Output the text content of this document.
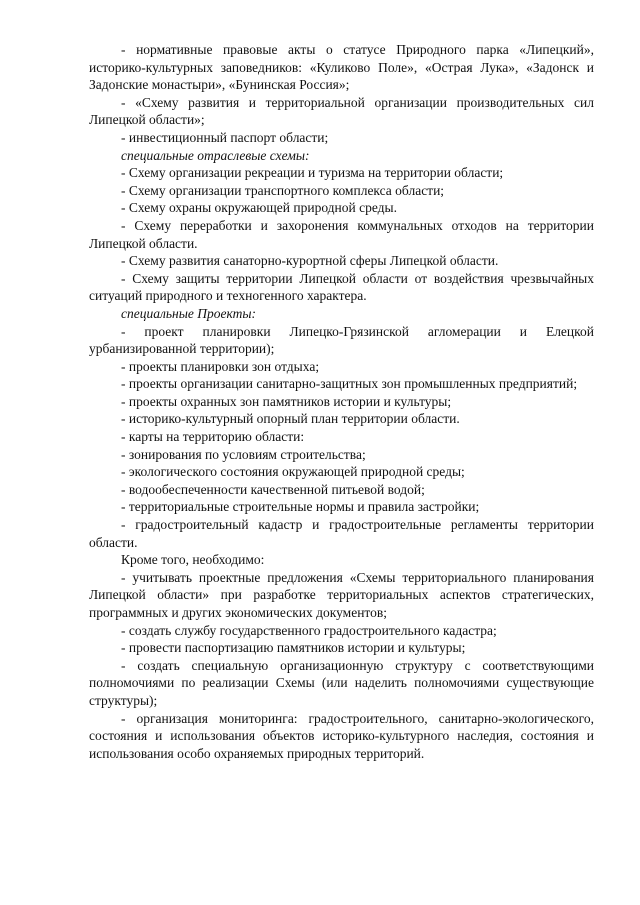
- нормативные правовые акты о статусе Природного парка «Липецкий», историко-культурных заповедников: «Куликово Поле», «Острая Лука», «Задонск и Задонские монастыри», «Бунинская Россия»;

- «Схему развития и территориальной организации производительных сил Липецкой области»;

- инвестиционный паспорт области;

специальные отраслевые схемы:

- Схему организации рекреации и туризма на территории области;

- Схему организации транспортного комплекса области;

- Схему охраны окружающей природной среды.

- Схему переработки и захоронения коммунальных отходов на территории Липецкой области.

- Схему развития санаторно-курортной сферы Липецкой области.

- Схему защиты территории Липецкой области от воздействия чрезвычайных ситуаций природного и техногенного характера.

специальные Проекты:

- проект планировки Липецко-Грязинской агломерации и Елецкой урбанизированной территории);

- проекты планировки зон отдыха;

- проекты организации санитарно-защитных зон промышленных предприятий;

- проекты охранных зон памятников истории и культуры;

- историко-культурный опорный план территории области.

- карты на территорию области:

- зонирования по условиям строительства;

- экологического состояния окружающей природной среды;

- водообеспеченности качественной питьевой водой;

- территориальные строительные нормы и правила застройки;

- градостроительный кадастр и градостроительные регламенты территории области.

Кроме того, необходимо:

- учитывать проектные предложения «Схемы территориального планирования Липецкой области» при разработке территориальных аспектов стратегических, программных и других экономических документов;

- создать службу государственного градостроительного кадастра;

- провести паспортизацию памятников истории и культуры;

- создать специальную организационную структуру с соответствующими полномочиями по реализации Схемы (или наделить полномочиями существующие структуры);

- организация мониторинга: градостроительного, санитарно-экологического, состояния и использования объектов историко-культурного наследия, состояния и использования особо охраняемых природных территорий.
